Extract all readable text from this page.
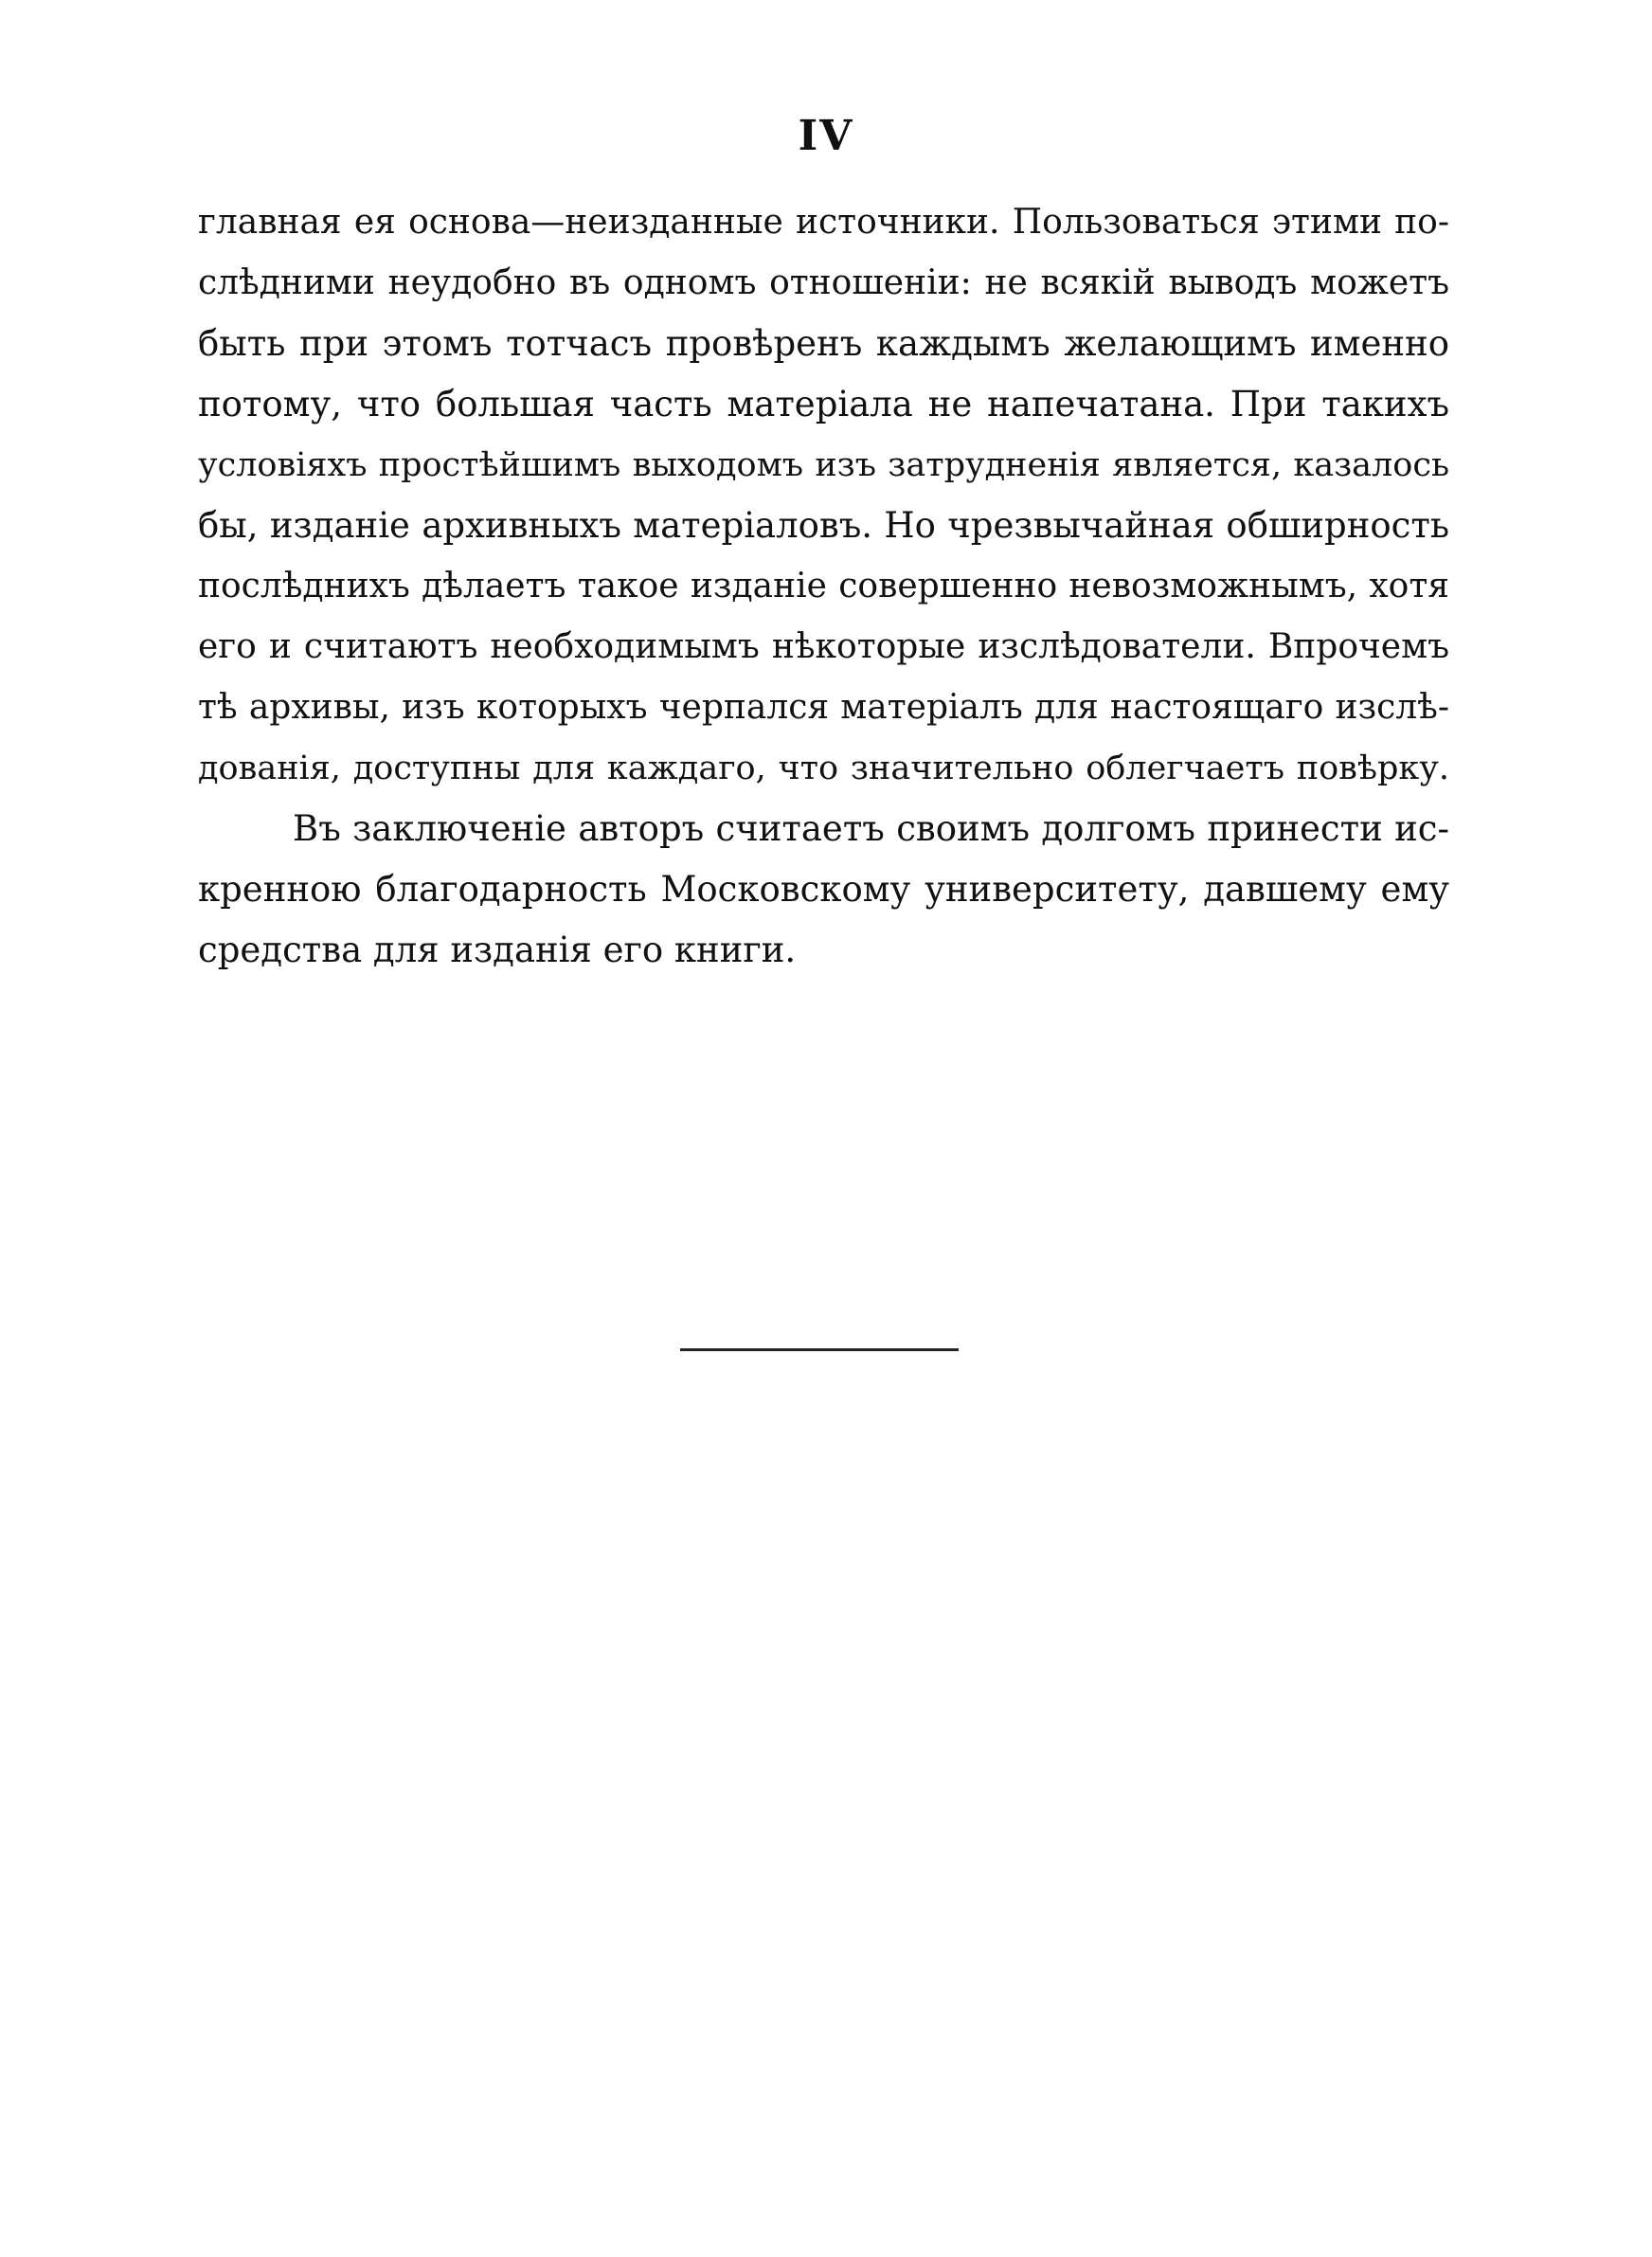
IV
главная ея основа—неизданные источники. Пользоваться этими по-
слѣдними неудобно въ одномъ отношеніи: не всякій выводъ можетъ
быть при этомъ тотчасъ провѣренъ каждымъ желающимъ именно
потому, что большая часть матеріала не напечатана. При такихъ
условіяхъ простѣйшимъ выходомъ изъ затрудненія является, казалось
бы, изданіе архивныхъ матеріаловъ. Но чрезвычайная обширность
послѣднихъ дѣлаетъ такое изданіе совершенно невозможнымъ, хотя
его и считаютъ необходимымъ нѣкоторые изслѣдователи. Впрочемъ
тѣ архивы, изъ которыхъ черпался матеріалъ для настоящаго изслѣ-
дованія, доступны для каждаго, что значительно облегчаетъ повѣрку.
Въ заключеніе авторъ считаетъ своимъ долгомъ принести ис-
кренною благодарность Московскому университету, давшему ему
средства для изданія его книги.
